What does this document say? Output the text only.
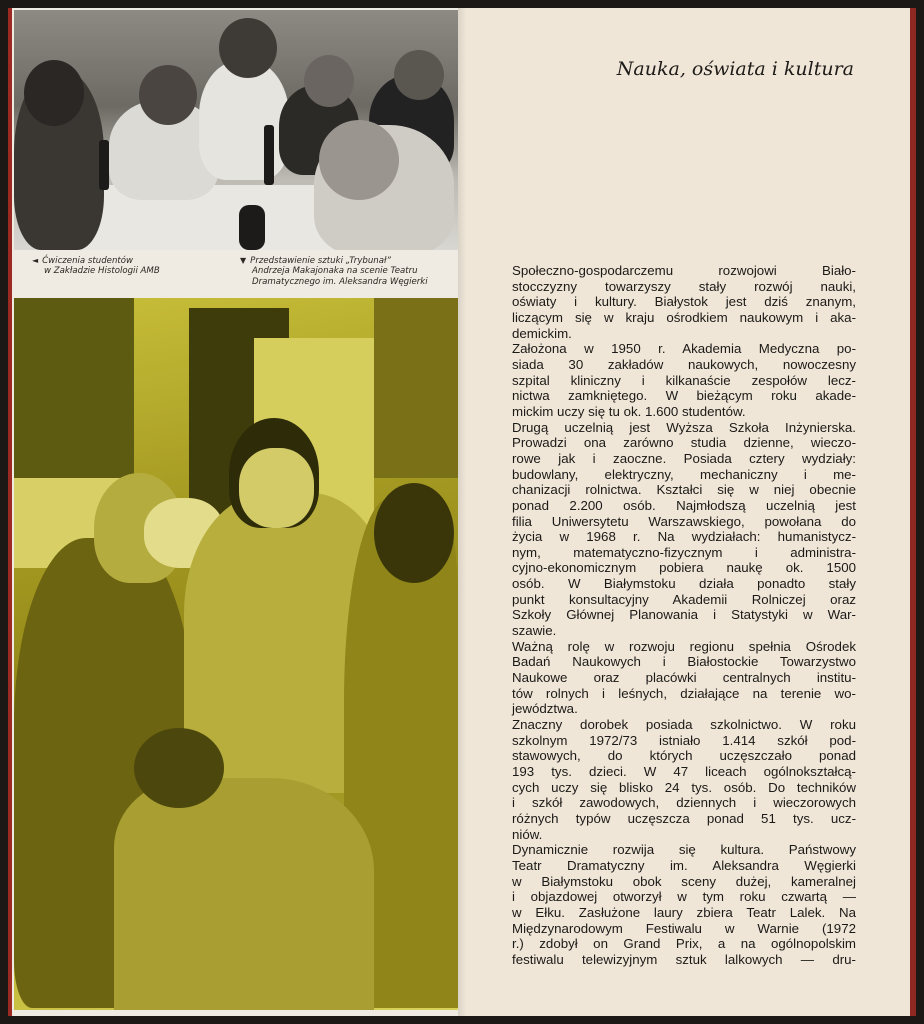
◄ Ćwiczenia studentów
w Zakładzie Histologii AMB
▼ Przedstawienie sztuki „Trybunał”
Andrzeja Makajonaka na scenie Teatru
Dramatycznego im. Aleksandra Węgierki
Nauka, oświata i kultura
Społeczno-gospodarczemu rozwojowi Biało-
stocczyzny towarzyszy stały rozwój nauki,
oświaty i kultury. Białystok jest dziś znanym,
liczącym się w kraju ośrodkiem naukowym i aka-
demickim.
Założona w 1950 r. Akademia Medyczna po-
siada 30 zakładów naukowych, nowoczesny
szpital kliniczny i kilkanaście zespołów lecz-
nictwa zamkniętego. W bieżącym roku akade-
mickim uczy się tu ok. 1.600 studentów.
Drugą uczelnią jest Wyższa Szkoła Inżynierska.
Prowadzi ona zarówno studia dzienne, wieczo-
rowe jak i zaoczne. Posiada cztery wydziały:
budowlany, elektryczny, mechaniczny i me-
chanizacji rolnictwa. Kształci się w niej obecnie
ponad 2.200 osób. Najmłodszą uczelnią jest
filia Uniwersytetu Warszawskiego, powołana do
życia w 1968 r. Na wydziałach: humanistycz-
nym, matematyczno-fizycznym i administra-
cyjno-ekonomicznym pobiera naukę ok. 1500
osób. W Białymstoku działa ponadto stały
punkt konsultacyjny Akademii Rolniczej oraz
Szkoły Głównej Planowania i Statystyki w War-
szawie.
Ważną rolę w rozwoju regionu spełnia Ośrodek
Badań Naukowych i Białostockie Towarzystwo
Naukowe oraz placówki centralnych institu-
tów rolnych i leśnych, działające na terenie wo-
jewództwa.
Znaczny dorobek posiada szkolnictwo. W roku
szkolnym 1972/73 istniało 1.414 szkół pod-
stawowych, do których uczęszczało ponad
193 tys. dzieci. W 47 liceach ogólnokształcą-
cych uczy się blisko 24 tys. osób. Do techników
i szkół zawodowych, dziennych i wieczorowych
różnych typów uczęszcza ponad 51 tys. ucz-
niów.
Dynamicznie rozwija się kultura. Państwowy
Teatr Dramatyczny im. Aleksandra Węgierki
w Białymstoku obok sceny dużej, kameralnej
i objazdowej otworzył w tym roku czwartą —
w Ełku. Zasłużone laury zbiera Teatr Lalek. Na
Międzynarodowym Festiwalu w Warnie (1972
r.) zdobył on Grand Prix, a na ogólnopolskim
festiwalu telewizyjnym sztuk lalkowych — dru-
